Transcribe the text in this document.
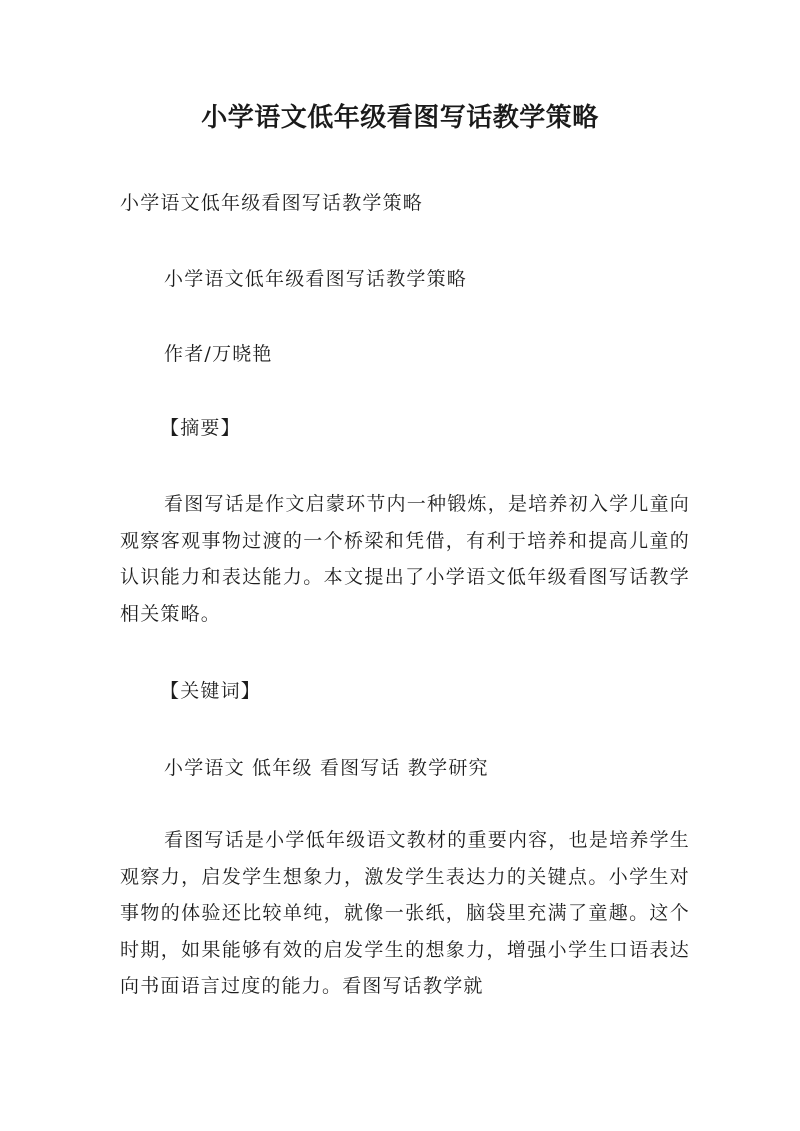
小学语文低年级看图写话教学策略
小学语文低年级看图写话教学策略
小学语文低年级看图写话教学策略
作者/万晓艳
【摘要】

看图写话是作文启蒙环节内一种锻炼，是培养初入学儿童向观察客观事物过渡的一个桥梁和凭借，有利于培养和提高儿童的认识能力和表达能力。本文提出了小学语文低年级看图写话教学相关策略。

【关键词】
小学语文 低年级 看图写话 教学研究

看图写话是小学低年级语文教材的重要内容，也是培养学生观察力，启发学生想象力，激发学生表达力的关键点。小学生对事物的体验还比较单纯，就像一张纸，脑袋里充满了童趣。这个时期，如果能够有效的启发学生的想象力，增强小学生口语表达向书面语言过度的能力。看图写话教学就
